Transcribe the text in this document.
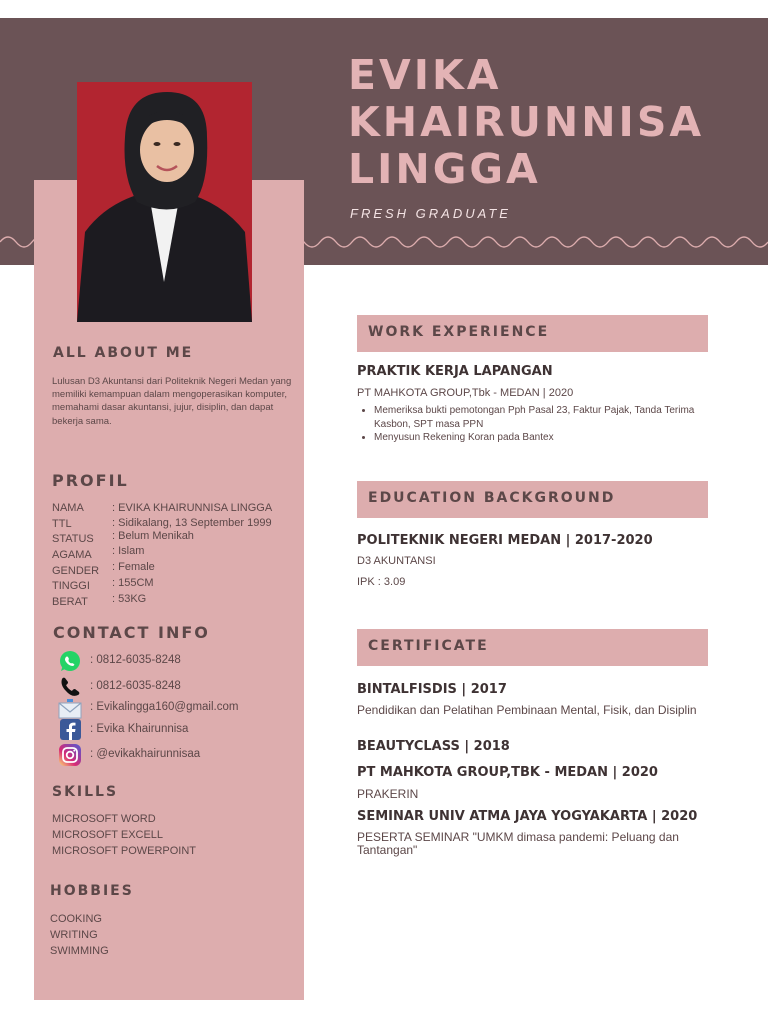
EVIKA
KHAIRUNNISA
LINGGA
FRESH GRADUATE
ALL ABOUT ME

Lulusan D3 Akuntansi dari Politeknik Negeri Medan yang memiliki kemampuan dalam mengoperasikan komputer, memahami dasar akuntansi, jujur, disiplin, dan dapat bekerja sama.

PROFIL
NAMA	: EVIKA KHAIRUNNISA LINGGA
TTL	: Sidikalang, 13 September 1999
STATUS : Belum Menikah
AGAMA : Islam
GENDER : Female
TINGGI : 155CM
BERAT : 53KG
CONTACT INFO
: 0812-6035-8248
: 0812-6035-8248
: Evikalingga160@gmail.com
: Evika Khairunnisa
: @evikakhairunnisaa
SKILLS
MICROSOFT WORD
MICROSOFT EXCELL
MICROSOFT POWERPOINT
HOBBIES
COOKING
WRITING
SWIMMING
WORK EXPERIENCE
PRAKTIK KERJA LAPANGAN
PT MAHKOTA GROUP,Tbk - MEDAN | 2020
• Memeriksa bukti pemotongan Pph Pasal 23, Faktur Pajak, Tanda Terima Kasbon, SPT masa PPN
• Menyusun Rekening Koran pada Bantex
EDUCATION BACKGROUND
POLITEKNIK NEGERI MEDAN | 2017-2020
D3 AKUNTANSI
IPK : 3.09
CERTIFICATE
BINTALFISDIS | 2017
Pendidikan dan Pelatihan Pembinaan Mental, Fisik, dan Disiplin
BEAUTYCLASS | 2018
PT MAHKOTA GROUP,TBK - MEDAN | 2020
PRAKERIN
SEMINAR UNIV ATMA JAYA YOGYAKARTA | 2020
PESERTA SEMINAR "UMKM dimasa pandemi: Peluang dan Tantangan"
